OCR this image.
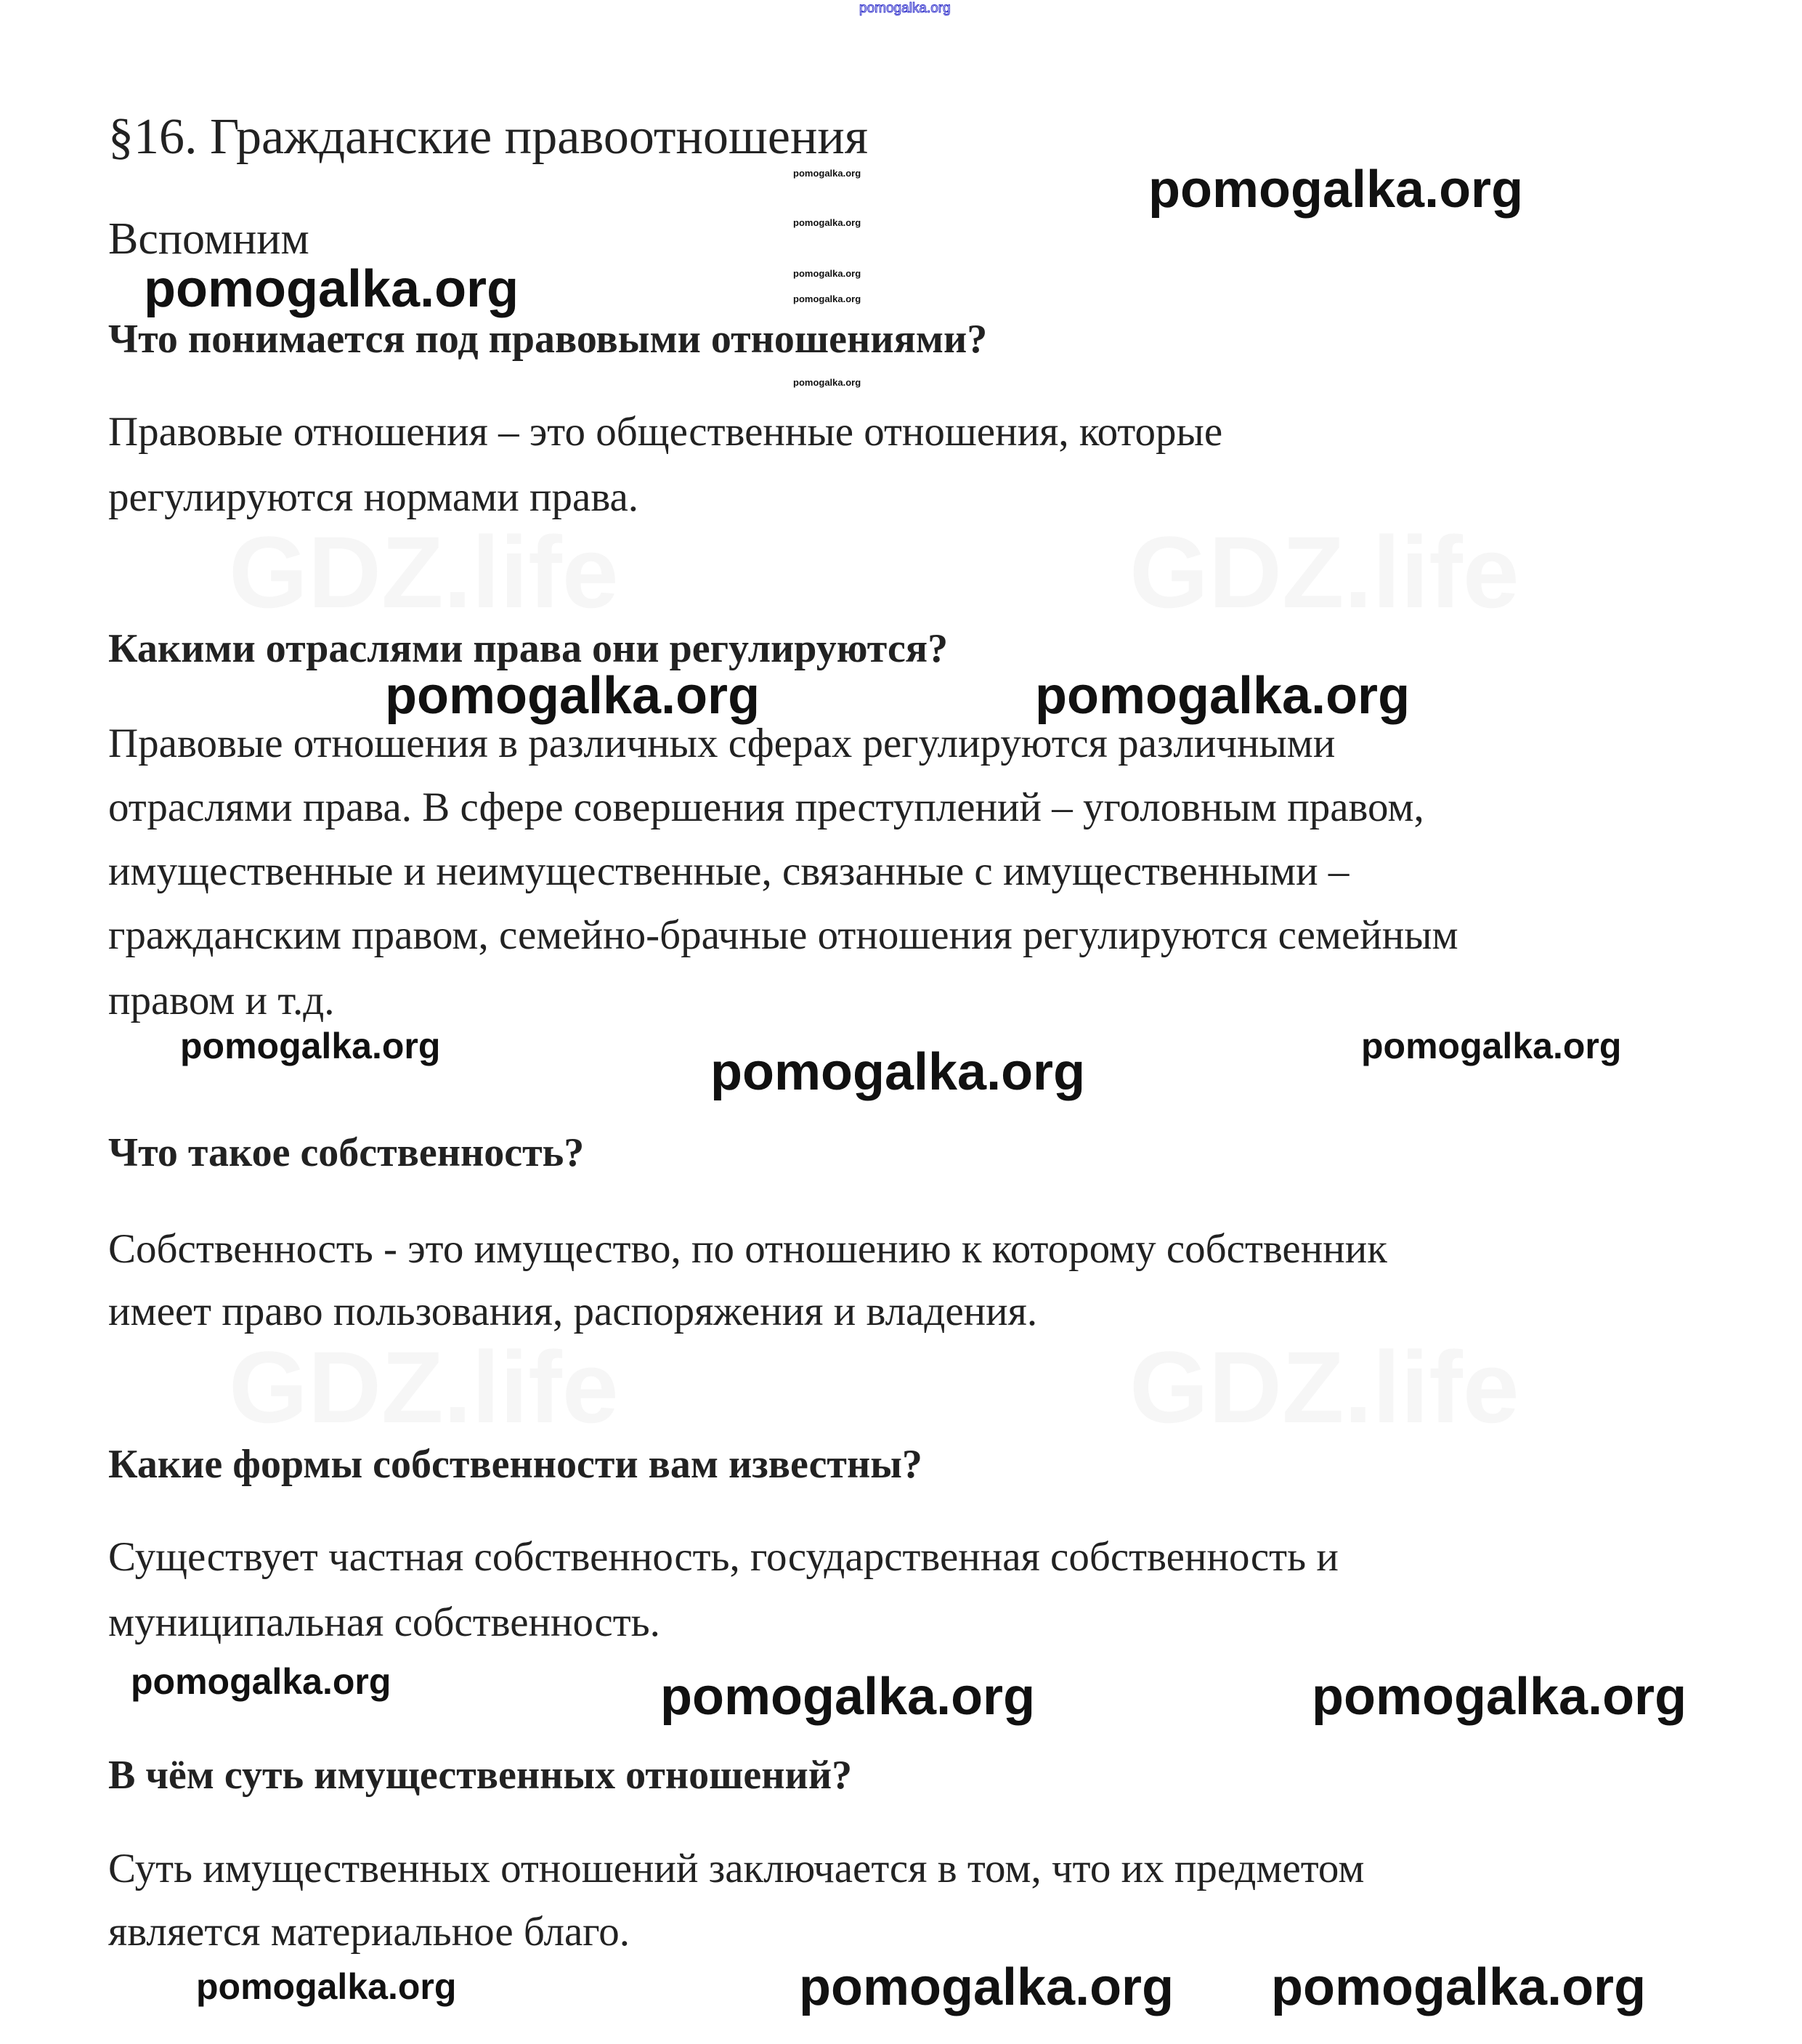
GDZ.life	GDZ.life
GDZ.life	GDZ.life
pomogalka.org
§16. Гражданские правоотношения
Вспомним
Что понимается под правовыми отношениями?
Правовые отношения – это общественные отношения, которые
регулируются нормами права.
Какими отраслями права они регулируются?
Правовые отношения в различных сферах регулируются различными
отраслями права. В сфере совершения преступлений – уголовным правом,
имущественные и неимущественные, связанные с имущественными –
гражданским правом, семейно-брачные отношения регулируются семейным
правом и т.д.
Что такое собственность?
Собственность - это имущество, по отношению к которому собственник
имеет право пользования, распоряжения и владения.
Какие формы собственности вам известны?
Существует частная собственность, государственная собственность и
муниципальная собственность.
В чём суть имущественных отношений?
Суть имущественных отношений заключается в том, что их предметом
является материальное благо.
pomogalka.org
pomogalka.org
pomogalka.org
pomogalka.org
pomogalka.org
pomogalka.org
pomogalka.org
pomogalka.org	pomogalka.org
pomogalka.org	pomogalka.org	pomogalka.org
pomogalka.org pomogalka.org
pomogalka.org	pomogalka.org	pomogalka.org
pomogalka.org
